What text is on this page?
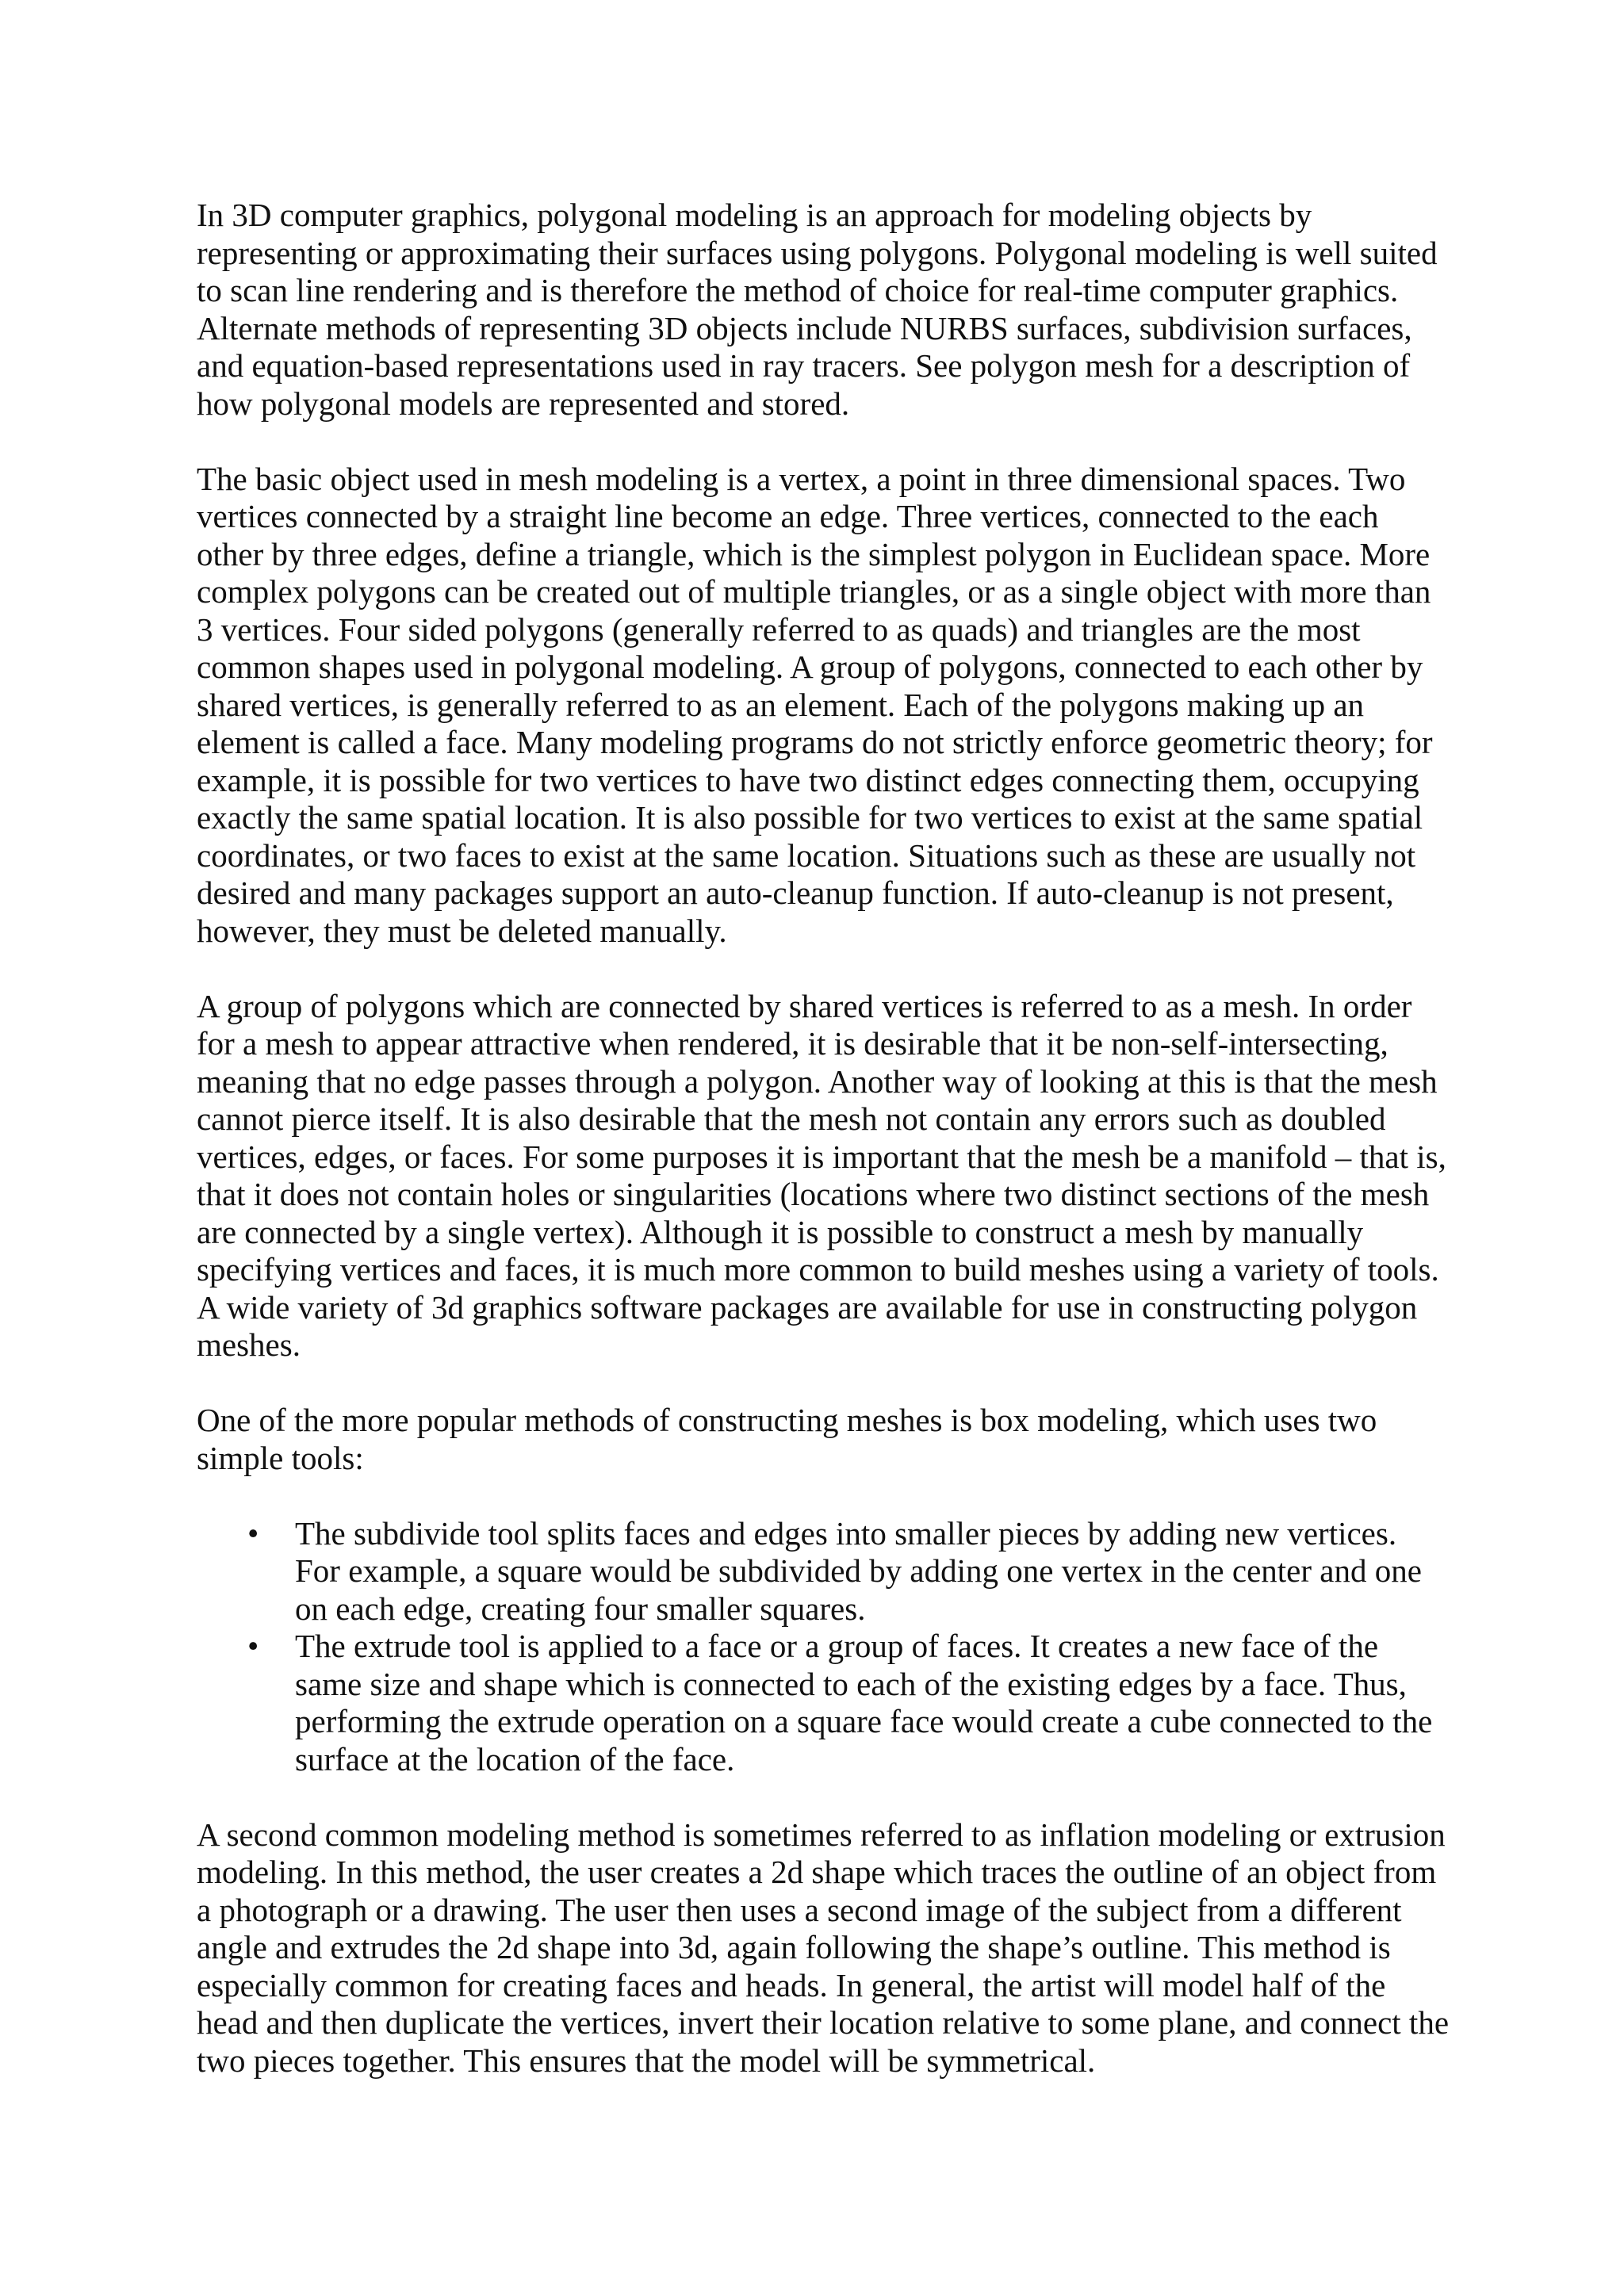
In 3D computer graphics, polygonal modeling is an approach for modeling objects by representing or approximating their surfaces using polygons. Polygonal modeling is well suited to scan line rendering and is therefore the method of choice for real-time computer graphics. Alternate methods of representing 3D objects include NURBS surfaces, subdivision surfaces, and equation-based representations used in ray tracers. See polygon mesh for a description of how polygonal models are represented and stored.

The basic object used in mesh modeling is a vertex, a point in three dimensional spaces. Two vertices connected by a straight line become an edge. Three vertices, connected to the each other by three edges, define a triangle, which is the simplest polygon in Euclidean space. More complex polygons can be created out of multiple triangles, or as a single object with more than 3 vertices. Four sided polygons (generally referred to as quads) and triangles are the most common shapes used in polygonal modeling. A group of polygons, connected to each other by shared vertices, is generally referred to as an element. Each of the polygons making up an element is called a face. Many modeling programs do not strictly enforce geometric theory; for example, it is possible for two vertices to have two distinct edges connecting them, occupying exactly the same spatial location. It is also possible for two vertices to exist at the same spatial coordinates, or two faces to exist at the same location. Situations such as these are usually not desired and many packages support an auto-cleanup function. If auto-cleanup is not present, however, they must be deleted manually.

A group of polygons which are connected by shared vertices is referred to as a mesh. In order for a mesh to appear attractive when rendered, it is desirable that it be non-self-intersecting, meaning that no edge passes through a polygon. Another way of looking at this is that the mesh cannot pierce itself. It is also desirable that the mesh not contain any errors such as doubled vertices, edges, or faces. For some purposes it is important that the mesh be a manifold – that is, that it does not contain holes or singularities (locations where two distinct sections of the mesh are connected by a single vertex). Although it is possible to construct a mesh by manually specifying vertices and faces, it is much more common to build meshes using a variety of tools. A wide variety of 3d graphics software packages are available for use in constructing polygon meshes.

One of the more popular methods of constructing meshes is box modeling, which uses two simple tools:

• The subdivide tool splits faces and edges into smaller pieces by adding new vertices. For example, a square would be subdivided by adding one vertex in the center and one on each edge, creating four smaller squares.
• The extrude tool is applied to a face or a group of faces. It creates a new face of the same size and shape which is connected to each of the existing edges by a face. Thus, performing the extrude operation on a square face would create a cube connected to the surface at the location of the face.

A second common modeling method is sometimes referred to as inflation modeling or extrusion modeling. In this method, the user creates a 2d shape which traces the outline of an object from a photograph or a drawing. The user then uses a second image of the subject from a different angle and extrudes the 2d shape into 3d, again following the shape’s outline. This method is especially common for creating faces and heads. In general, the artist will model half of the head and then duplicate the vertices, invert their location relative to some plane, and connect the two pieces together. This ensures that the model will be symmetrical.
